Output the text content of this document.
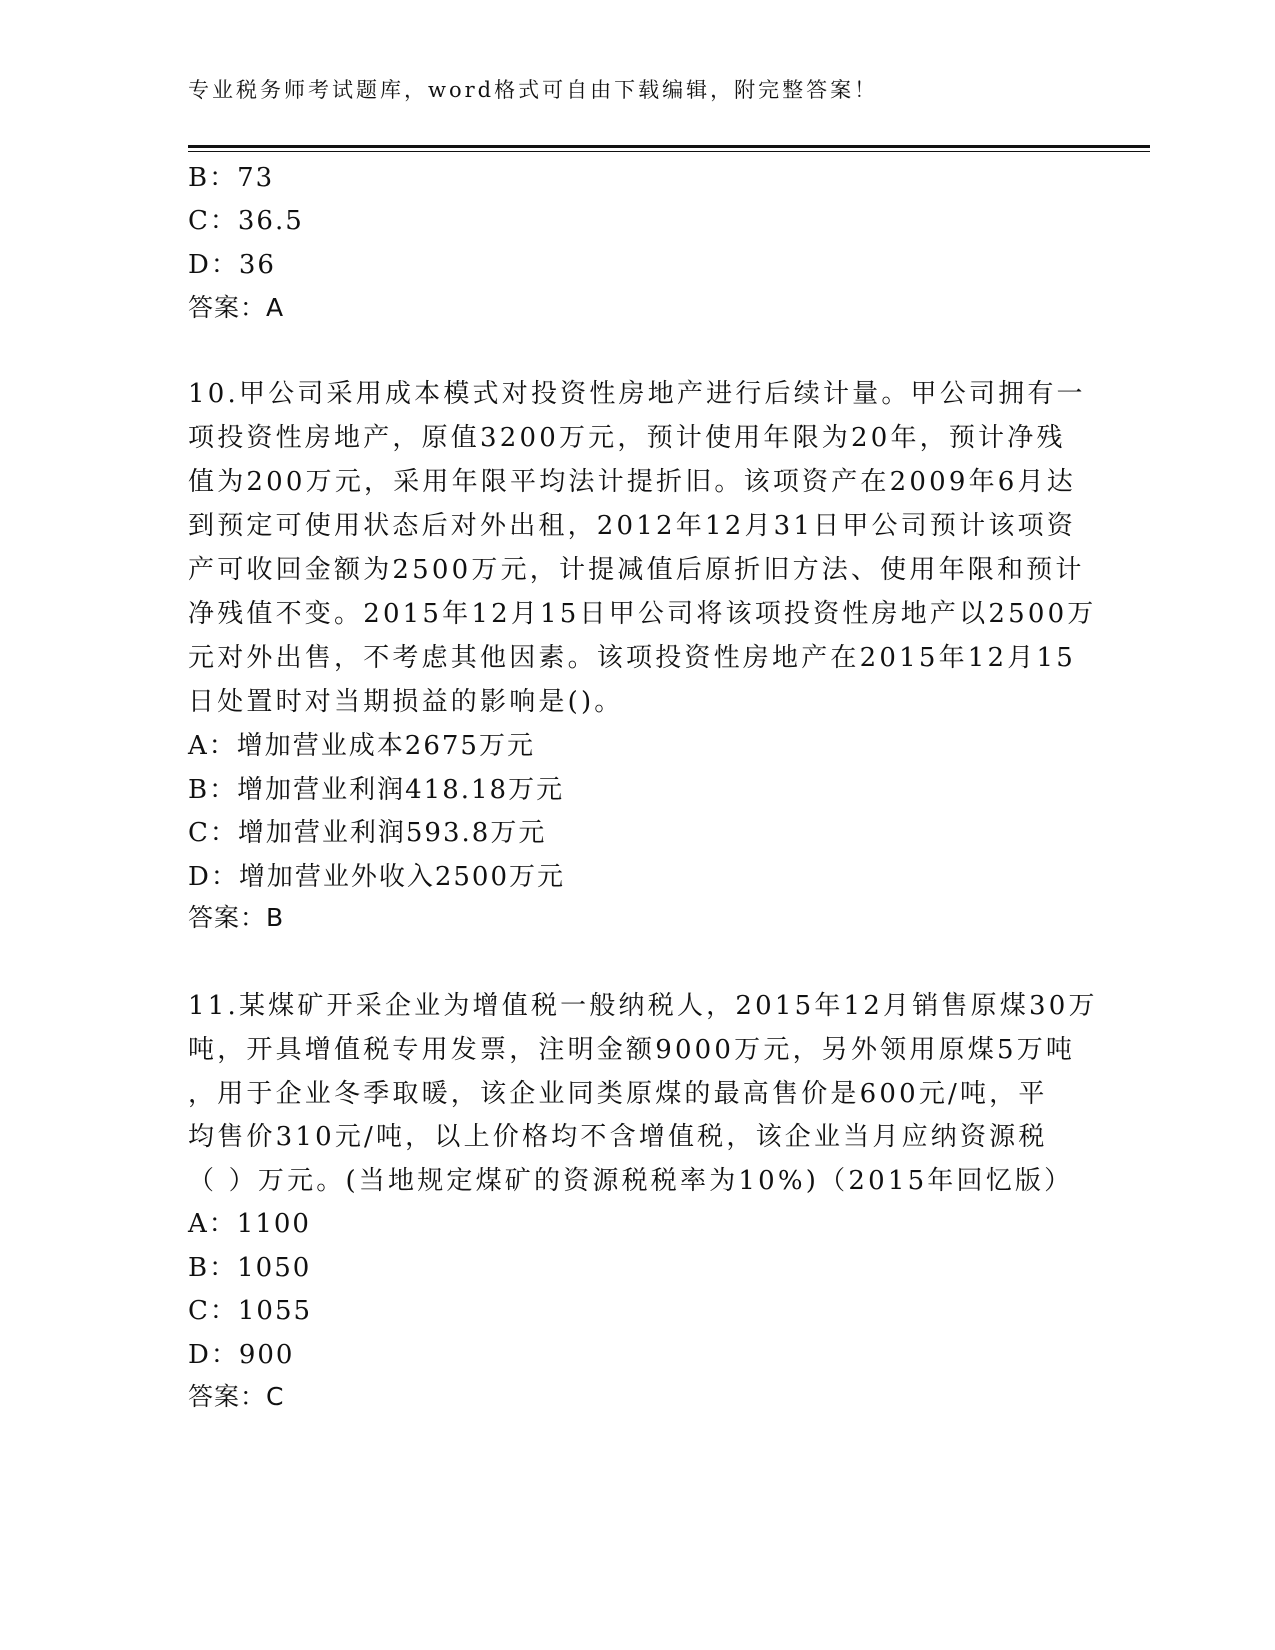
专业税务师考试题库，word格式可自由下载编辑，附完整答案！
B：73
C：36.5
D：36
答案：A
10.甲公司采用成本模式对投资性房地产进行后续计量。甲公司拥有一
项投资性房地产，原值3200万元，预计使用年限为20年，预计净残
值为200万元，采用年限平均法计提折旧。该项资产在2009年6月达
到预定可使用状态后对外出租，2012年12月31日甲公司预计该项资
产可收回金额为2500万元，计提减值后原折旧方法、使用年限和预计
净残值不变。2015年12月15日甲公司将该项投资性房地产以2500万
元对外出售，不考虑其他因素。该项投资性房地产在2015年12月15
日处置时对当期损益的影响是()。
A：增加营业成本2675万元
B：增加营业利润418.18万元
C：增加营业利润593.8万元
D：增加营业外收入2500万元
答案：B
11.某煤矿开采企业为增值税一般纳税人，2015年12月销售原煤30万
吨，开具增值税专用发票，注明金额9000万元，另外领用原煤5万吨
，用于企业冬季取暖，该企业同类原煤的最高售价是600元/吨，平
均售价310元/吨，以上价格均不含增值税，该企业当月应纳资源税
（ ）万元。(当地规定煤矿的资源税税率为10%)（2015年回忆版）
A：1100
B：1050
C：1055
D：900
答案：C
